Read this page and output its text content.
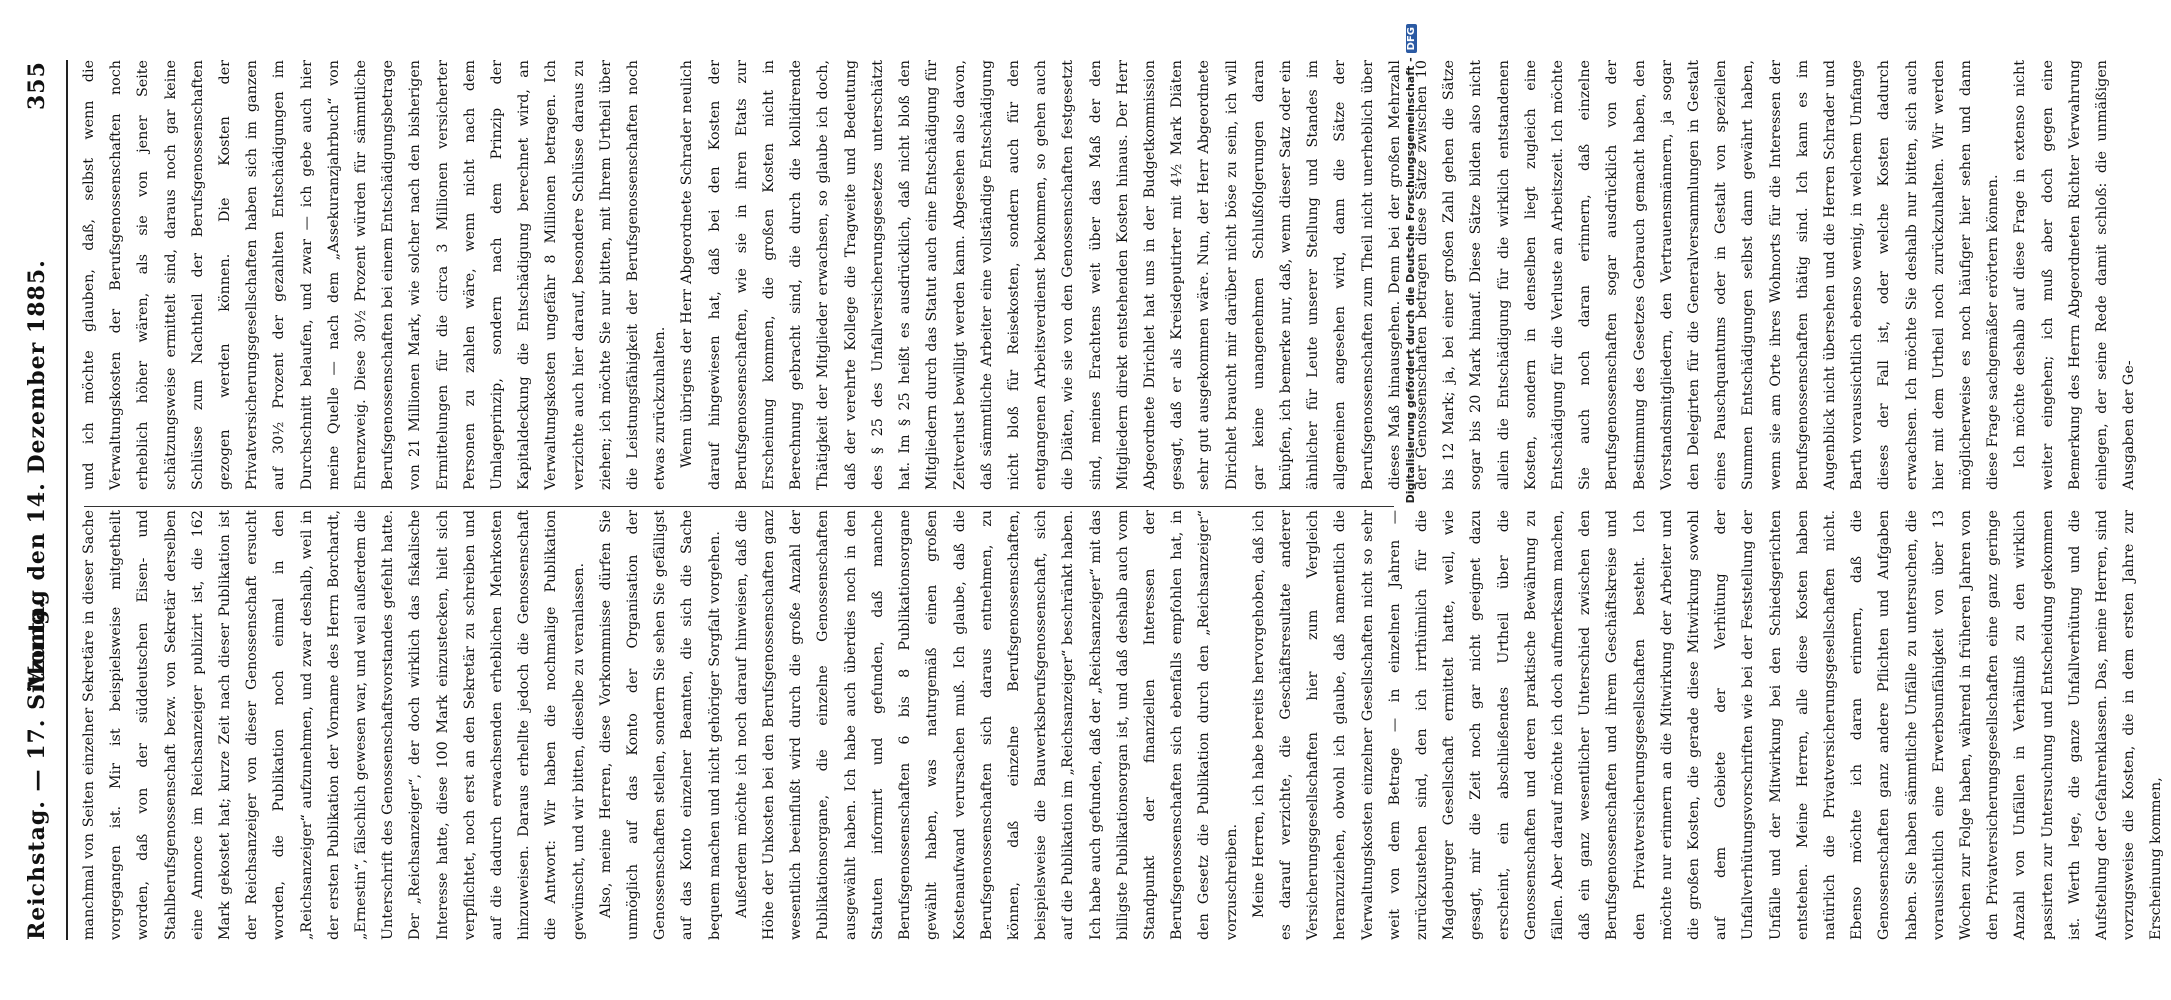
Reichstag. — 17. Sitzung.
Montag den 14. Dezember 1885.
355

manchmal von Seiten einzelner Sekretäre in dieser Sache vorgegangen ist. Mir ist beispielsweise mitgetheilt worden, daß von der süddeutschen Eisen- und Stahlberufsgenossenschaft bezw. von Sekretär derselben eine Annonce im Reichsanzeiger publizirt ist, die 162 Mark gekostet hat; kurze Zeit nach dieser Publikation ist der Reichsanzeiger von dieser Genossenschaft ersucht worden, die Publikation noch einmal in den „Reichsanzeiger“ aufzunehmen, und zwar deshalb, weil in der ersten Publikation der Vorname des Herrn Borchardt, „Ernestin“, fälschlich gewesen war, und weil außerdem die Unterschrift des Genossenschaftsvorstandes gefehlt hatte. Der „Reichsanzeiger“, der doch wirklich das fiskalische Interesse hatte, diese 100 Mark einzustecken, hielt sich verpflichtet, noch erst an den Sekretär zu schreiben und auf die dadurch erwachsenden erheblichen Mehrkosten hinzuweisen. Daraus erhellte jedoch die Genossenschaft die Antwort: Wir haben die nochmalige Publikation gewünscht, und wir bitten, dieselbe zu veranlassen. Also, meine Herren, diese Vorkommnisse dürfen Sie unmöglich auf das Konto der Organisation der Genossenschaften stellen, sondern Sie sehen Sie gefälligst auf das Konto einzelner Beamten, die sich die Sache bequem machen und nicht gehöriger Sorgfalt vorgehen. Außerdem möchte ich noch darauf hinweisen, daß die Höhe der Unkosten bei den Berufsgenossenschaften ganz wesentlich beeinflußt wird durch die große Anzahl der Publikationsorgane, die einzelne Genossenschaften ausgewählt haben. Ich habe auch überdies noch in den Statuten informirt und gefunden, daß manche Berufsgenossenschaften 6 bis 8 Publikationsorgane gewählt haben, was naturgemäß einen großen Kostenaufwand verursachen muß. Ich glaube, daß die Berufsgenossenschaften sich daraus entnehmen, zu können, daß einzelne Berufsgenossenschaften, beispielsweise die Bauwerksberufsgenossenschaft, sich auf die Publikation im „Reichsanzeiger“ beschränkt haben. Ich habe auch gefunden, daß der „Reichsanzeiger“ mit das billigste Publikationsorgan ist, und daß deshalb auch vom Standpunkt der finanziellen Interessen der Berufsgenossenschaften sich ebenfalls empfohlen hat, in den Gesetz die Publikation durch den „Reichsanzeiger“ vorzuschreiben. Meine Herren, ich habe bereits hervorgehoben, daß ich es darauf verzichte, die Geschäftsresultate anderer Versicherungsgesellschaften hier zum Vergleich heranzuziehen, obwohl ich glaube, daß namentlich die Verwaltungskosten einzelner Gesellschaften nicht so sehr weit von dem Betrage — in einzelnen Jahren — zurückzustehen sind, den ich irrthümlich für die Magdeburger Gesellschaft ermittelt hatte, weil, wie gesagt, mir die Zeit noch gar nicht geeignet dazu erscheint, ein abschließendes Urtheil über die Genossenschaften und deren praktische Bewährung zu fällen. Aber darauf möchte ich doch aufmerksam machen, daß ein ganz wesentlicher Unterschied zwischen den Berufsgenossenschaften und ihrem Geschäftskreise und den Privatversicherungsgesellschaften besteht. Ich möchte nur erinnern an die Mitwirkung der Arbeiter und die großen Kosten, die gerade diese Mitwirkung sowohl auf dem Gebiete der Verhütung der Unfallverhütungsvorschriften wie bei der Feststellung der Unfälle und der Mitwirkung bei den Schiedsgerichten entstehen. Meine Herren, alle diese Kosten haben natürlich die Privatversicherungsgesellschaften nicht. Ebenso möchte ich daran erinnern, daß die Genossenschaften ganz andere Pflichten und Aufgaben haben. Sie haben sämmtliche Unfälle zu untersuchen, die voraussichtlich eine Erwerbsunfähigkeit von über 13 Wochen zur Folge haben, während in früheren Jahren von den Privatversicherungsgesellschaften eine ganz geringe Anzahl von Unfällen in Verhältniß zu den wirklich passirten zur Untersuchung und Entscheidung gekommen ist. Werth lege, die ganze Unfallverhütung und die Aufstellung der Gefahrenklassen. Das, meine Herren, sind vorzugsweise die Kosten, die in dem ersten Jahre zur Erscheinung kommen,

und ich möchte glauben, daß, selbst wenn die Verwaltungskosten der Berufsgenossenschaften noch erheblich höher wären, als sie von jener Seite schätzungsweise ermittelt sind, daraus noch gar keine Schlüsse zum Nachtheil der Berufsgenossenschaften gezogen werden können. Die Kosten der Privatversicherungsgesellschaften haben sich im ganzen auf 30½ Prozent der gezahlten Entschädigungen im Durchschnitt belaufen, und zwar — ich gebe auch hier meine Quelle — nach dem „Assekuranzjahrbuch“ von Ehrenzweig. Diese 30½ Prozent würden für sämmtliche Berufsgenossenschaften bei einem Entschädigungsbetrage von 21 Millionen Mark, wie solcher nach den bisherigen Ermittelungen für die circa 3 Millionen versicherter Personen zu zahlen wäre, wenn nicht nach dem Umlageprinzip, sondern nach dem Prinzip der Kapitaldeckung die Entschädigung berechnet wird, an Verwaltungskosten ungefähr 8 Millionen betragen. Ich verzichte auch hier darauf, besondere Schlüsse daraus zu ziehen; ich möchte Sie nur bitten, mit Ihrem Urtheil über die Leistungsfähigkeit der Berufsgenossenschaften noch etwas zurückzuhalten. Wenn übrigens der Herr Abgeordnete Schrader neulich darauf hingewiesen hat, daß bei den Kosten der Berufsgenossenschaften, wie sie in ihren Etats zur Erscheinung kommen, die großen Kosten nicht in Berechnung gebracht sind, die durch die kollidirende Thätigkeit der Mitglieder erwachsen, so glaube ich doch, daß der verehrte Kollege die Tragweite und Bedeutung des § 25 des Unfallversicherungsgesetzes unterschätzt hat. Im § 25 heißt es ausdrücklich, daß nicht bloß den Mitgliedern durch das Statut auch eine Entschädigung für Zeitverlust bewilligt werden kann. Abgesehen also davon, daß sämmtliche Arbeiter eine vollständige Entschädigung nicht bloß für Reisekosten, sondern auch für den entgangenen Arbeitsverdienst bekommen, so gehen auch die Diäten, wie sie von den Genossenschaften festgesetzt sind, meines Erachtens weit über das Maß der den Mitgliedern direkt entstehenden Kosten hinaus. Der Herr Abgeordnete Dirichlet hat uns in der Budgetkommission gesagt, daß er als Kreisdeputirter mit 4½ Mark Diäten sehr gut ausgekommen wäre. Nun, der Herr Abgeordnete Dirichlet braucht mir darüber nicht böse zu sein, ich will gar keine unangenehmen Schlußfolgerungen daran knüpfen, ich bemerke nur, daß, wenn dieser Satz oder ein ähnlicher für Leute unserer Stellung und Standes im allgemeinen angesehen wird, dann die Sätze der Berufsgenossenschaften zum Theil nicht unerheblich über dieses Maß hinausgehen. Denn bei der großen Mehrzahl der Genossenschaften betragen diese Sätze zwischen 10 bis 12 Mark; ja, bei einer großen Zahl gehen die Sätze sogar bis 20 Mark hinauf. Diese Sätze bilden also nicht allein die Entschädigung für die wirklich entstandenen Kosten, sondern in denselben liegt zugleich eine Entschädigung für die Verluste an Arbeitszeit. Ich möchte Sie auch noch daran erinnern, daß einzelne Berufsgenossenschaften sogar ausdrücklich von der Bestimmung des Gesetzes Gebrauch gemacht haben, den Vorstandsmitgliedern, den Vertrauensmännern, ja sogar den Delegirten für die Generalversammlungen in Gestalt eines Pauschquantums oder in Gestalt von speziellen Summen Entschädigungen selbst dann gewährt haben, wenn sie am Orte ihres Wohnorts für die Interessen der Berufsgenossenschaften thätig sind. Ich kann es im Augenblick nicht übersehen und die Herren Schrader und Barth voraussichtlich ebenso wenig, in welchem Umfange dieses der Fall ist, oder welche Kosten dadurch erwachsen. Ich möchte Sie deshalb nur bitten, sich auch hier mit dem Urtheil noch zurückzuhalten. Wir werden möglicherweise es noch häufiger hier sehen und dann diese Frage sachgemäßer erörtern können. Ich möchte deshalb auf diese Frage in extenso nicht weiter eingehen; ich muß aber doch gegen eine Bemerkung des Herrn Abgeordneten Richter Verwahrung einlegen, der seine Rede damit schloß: die unmäßigen Ausgaben der Ge-

Digitalisierung gefördert durch die Deutsche Forschungsgemeinschaft -DFG
